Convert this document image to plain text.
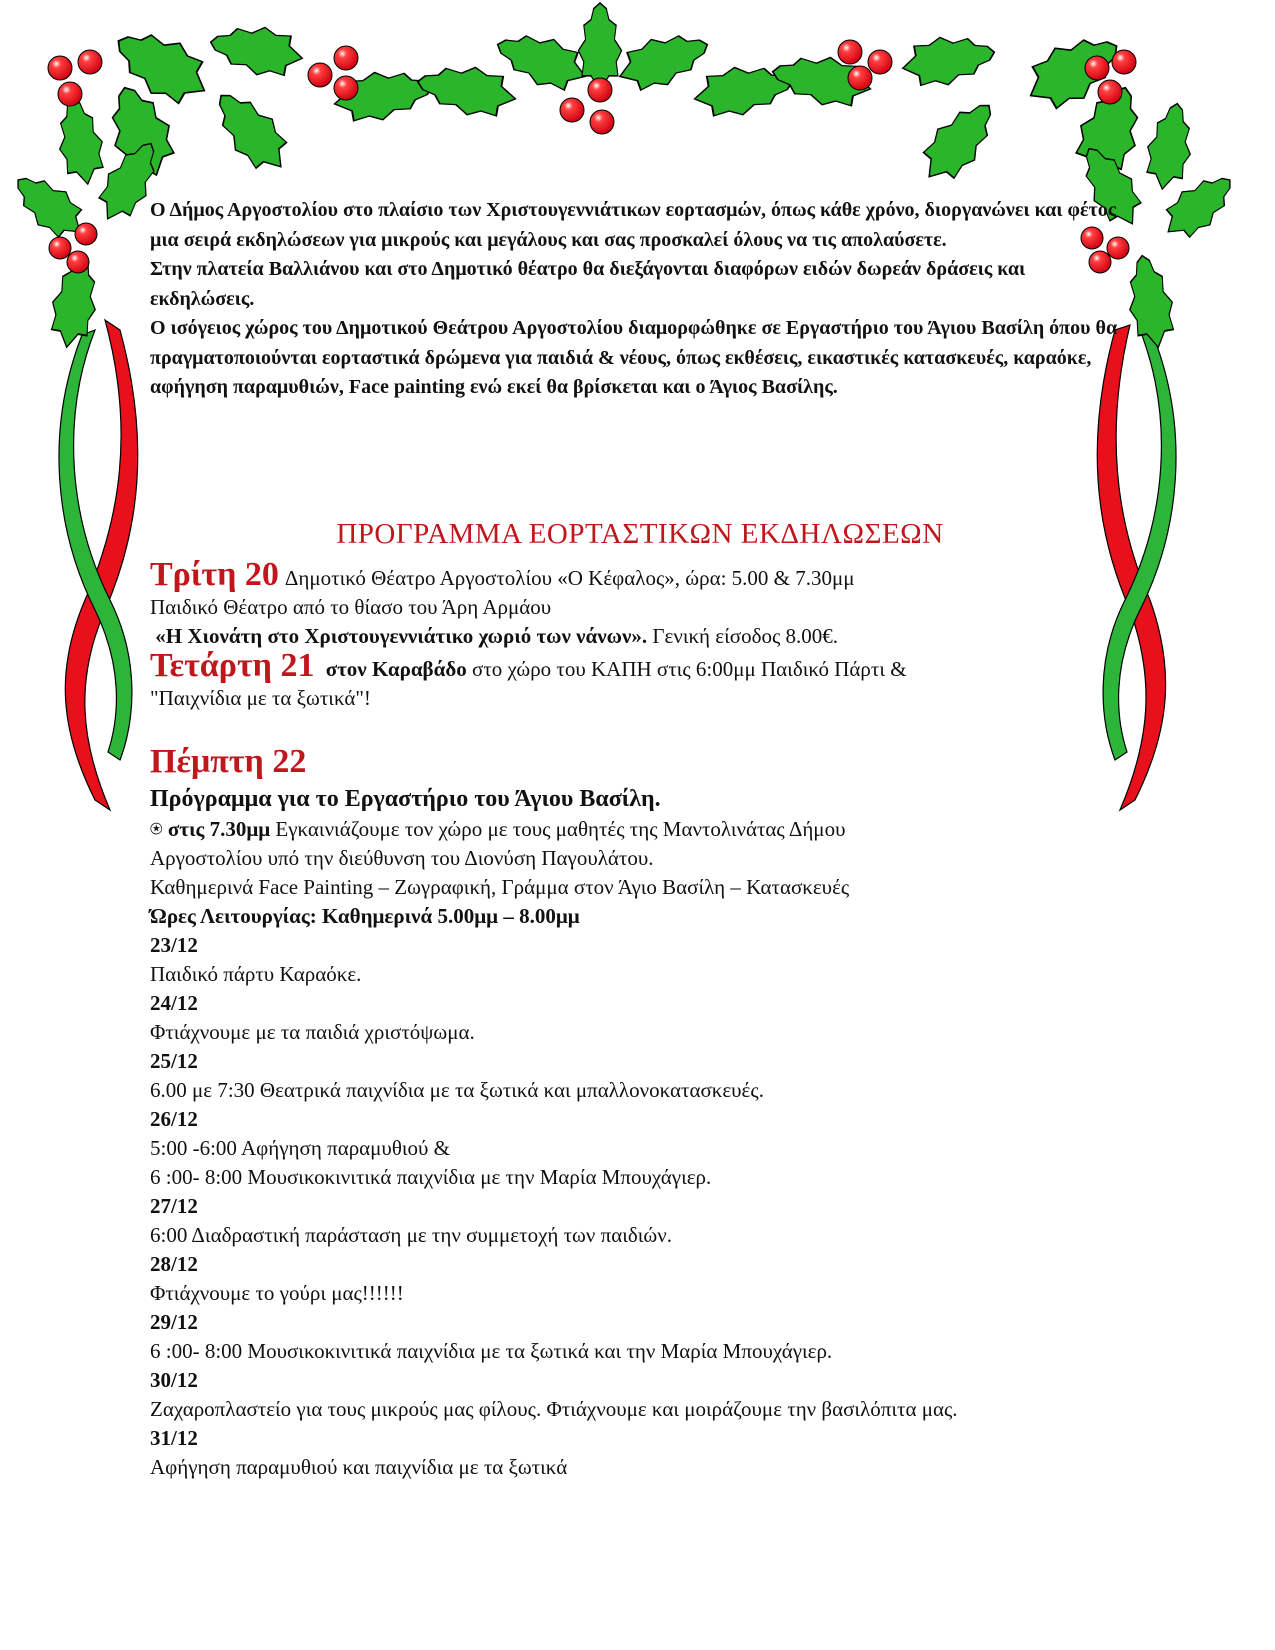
Ο Δήμος Αργοστολίου στο πλαίσιο των Χριστουγεννιάτικων εορτασμών, όπως κάθε χρόνο, διοργανώνει και φέτος μια σειρά εκδηλώσεων για μικρούς και μεγάλους και σας προσκαλεί όλους να τις απολαύσετε.

Στην πλατεία Βαλλιάνου και στο Δημοτικό θέατρο θα διεξάγονται διαφόρων ειδών δωρεάν δράσεις και εκδηλώσεις.

Ο ισόγειος χώρος του Δημοτικού Θεάτρου Αργοστολίου διαμορφώθηκε σε Εργαστήριο του Άγιου Βασίλη όπου θα πραγματοποιούνται εορταστικά δρώμενα για παιδιά & νέους, όπως εκθέσεις, εικαστικές κατασκευές, καραόκε, αφήγηση παραμυθιών, Face painting ενώ εκεί θα βρίσκεται και ο Άγιος Βασίλης.

ΠΡΟΓΡΑΜΜΑ ΕΟΡΤΑΣΤΙΚΩΝ ΕΚΔΗΛΩΣΕΩΝ
Τρίτη 20 Δημοτικό Θέατρο Αργοστολίου «Ο Κέφαλος», ώρα: 5.00 & 7.30μμ
Παιδικό Θέατρο από το θίασο του Άρη Αρμάου
«Η Χιονάτη στο Χριστουγεννιάτικο χωριό των νάνων». Γενική είσοδος 8.00€.
Τετάρτη 21 στον Καραβάδο στο χώρο του ΚΑΠΗ στις 6:00μμ Παιδικό Πάρτι &
"Παιχνίδια με τα ξωτικά"!
Πέμπτη 22
Πρόγραμμα για το Εργαστήριο του Άγιου Βασίλη.
⍟ στις 7.30μμ Εγκαινιάζουμε τον χώρο με τους μαθητές της Μαντολινάτας Δήμου
Αργοστολίου υπό την διεύθυνση του Διονύση Παγουλάτου.
Καθημερινά Face Painting – Ζωγραφική, Γράμμα στον Άγιο Βασίλη – Κατασκευές
Ώρες Λειτουργίας: Καθημερινά 5.00μμ – 8.00μμ
23/12
Παιδικό πάρτυ Καραόκε.
24/12
Φτιάχνουμε με τα παιδιά χριστόψωμα.
25/12
6.00 με 7:30 Θεατρικά παιχνίδια με τα ξωτικά και μπαλλονοκατασκευές.
26/12
5:00 -6:00 Αφήγηση παραμυθιού &
6 :00- 8:00 Μουσικοκινιτικά παιχνίδια με την Μαρία Μπουχάγιερ.
27/12
6:00 Διαδραστική παράσταση με την συμμετοχή των παιδιών.
28/12
Φτιάχνουμε το γούρι μας!!!!!!
29/12
6 :00- 8:00 Μουσικοκινιτικά παιχνίδια με τα ξωτικά και την Μαρία Μπουχάγιερ.
30/12
Ζαχαροπλαστείο για τους μικρούς μας φίλους. Φτιάχνουμε και μοιράζουμε την βασιλόπιτα μας.
31/12
Αφήγηση παραμυθιού και παιχνίδια με τα ξωτικά
